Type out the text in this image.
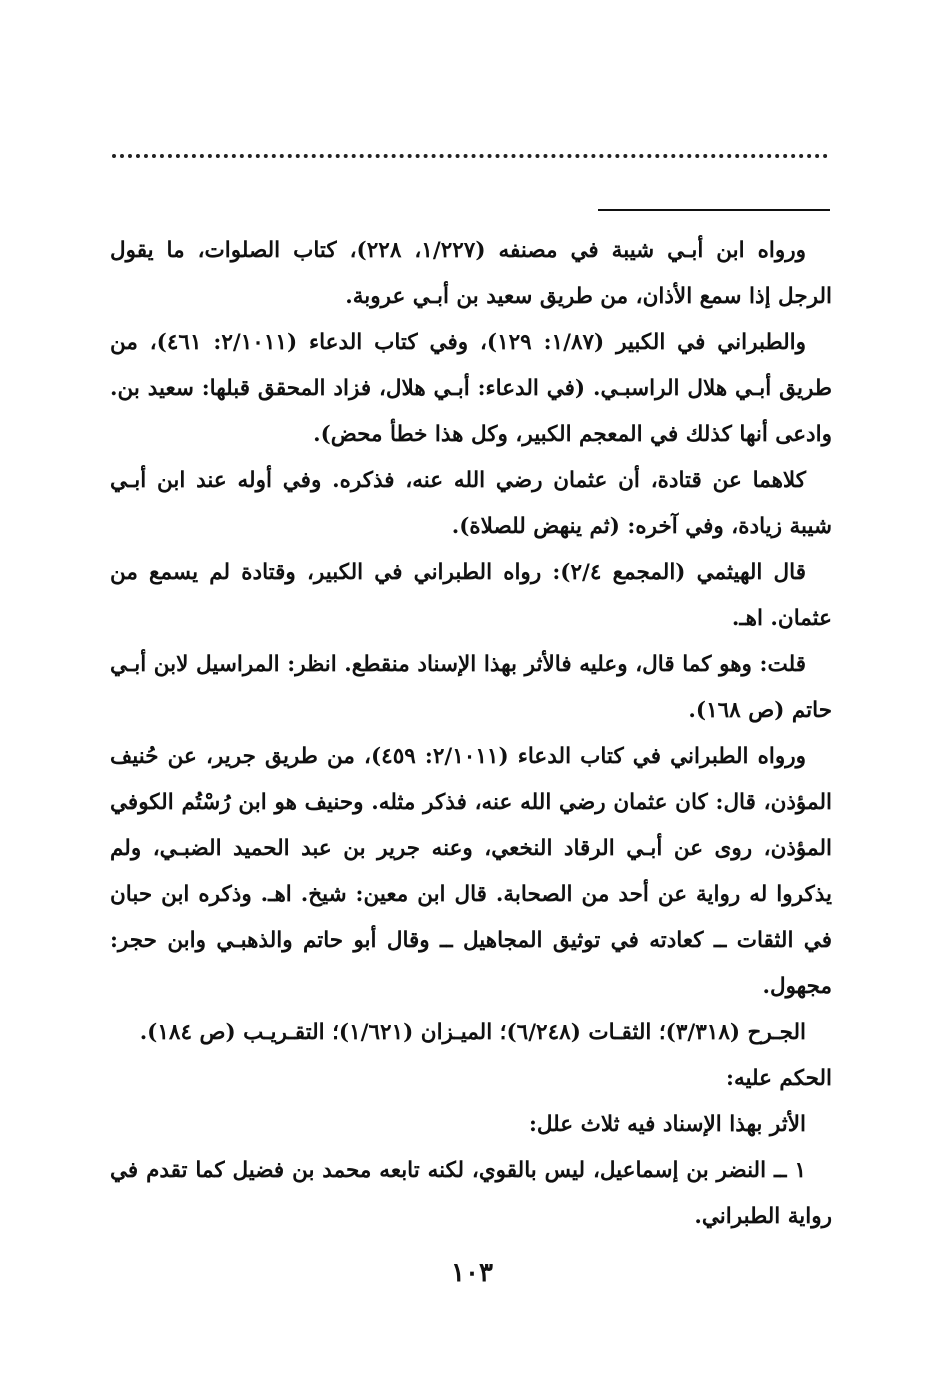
ورواه ابن أبـي شيبة في مصنفه (١/٢٢٧، ٢٢٨)، كتاب الصلوات، ما يقول الرجل إذا سمع الأذان، من طريق سعيد بن أبـي عروبة.

والطبراني في الكبير (١/٨٧: ١٢٩)، وفي كتاب الدعاء (٢/١٠١١: ٤٦١)، من طريق أبـي هلال الراسبـي. (في الدعاء: أبـي هلال، فزاد المحقق قبلها: سعيد بن. وادعى أنها كذلك في المعجم الكبير، وكل هذا خطأ محض).

كلاهما عن قتادة، أن عثمان رضي الله عنه، فذكره. وفي أوله عند ابن أبـي شيبة زيادة، وفي آخره: (ثم ينهض للصلاة).

قال الهيثمي (المجمع ٢/٤): رواه الطبراني في الكبير، وقتادة لم يسمع من عثمان. اهـ.

قلت: وهو كما قال، وعليه فالأثر بهذا الإسناد منقطع. انظر: المراسيل لابن أبـي حاتم (ص ١٦٨).

ورواه الطبراني في كتاب الدعاء (٢/١٠١١: ٤٥٩)، من طريق جرير، عن حُنيف المؤذن، قال: كان عثمان رضي الله عنه، فذكر مثله. وحنيف هو ابن رُسْتُم الكوفي المؤذن، روى عن أبـي الرقاد النخعي، وعنه جرير بن عبد الحميد الضبـي، ولم يذكروا له رواية عن أحد من الصحابة. قال ابن معين: شيخ. اهـ. وذكره ابن حبان في الثقات ــ كعادته في توثيق المجاهيل ــ وقال أبو حاتم والذهبـي وابن حجر: مجهول.

الجـرح (٣/٣١٨)؛ الثقـات (٦/٢٤٨)؛ الميـزان (١/٦٢١)؛ التقـريـب (ص ١٨٤).

الحكم عليه:

الأثر بهذا الإسناد فيه ثلاث علل:

١ ــ النضر بن إسماعيل، ليس بالقوي، لكنه تابعه محمد بن فضيل كما تقدم في رواية الطبراني.

١٠٣
